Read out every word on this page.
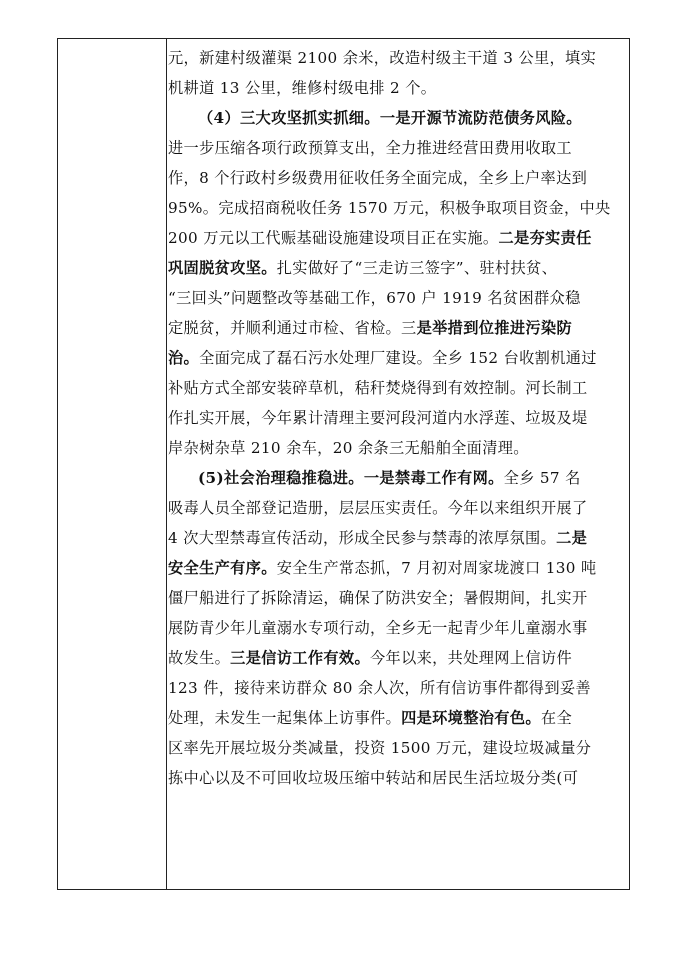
元，新建村级灌渠 2100 余米，改造村级主干道 3 公里，填实
机耕道 13 公里，维修村级电排 2 个。
（4）三大攻坚抓实抓细。一是开源节流防范债务风险。
进一步压缩各项行政预算支出，全力推进经营田费用收取工
作，8 个行政村乡级费用征收任务全面完成，全乡上户率达到
95%。完成招商税收任务 1570 万元，积极争取项目资金，中央
200 万元以工代赈基础设施建设项目正在实施。二是夯实责任
巩固脱贫攻坚。扎实做好了“三走访三签字”、驻村扶贫、
“三回头”问题整改等基础工作，670 户 1919 名贫困群众稳
定脱贫，并顺利通过市检、省检。三是举措到位推进污染防
治。全面完成了磊石污水处理厂建设。全乡 152 台收割机通过
补贴方式全部安装碎草机，秸秆焚烧得到有效控制。河长制工
作扎实开展，今年累计清理主要河段河道内水浮莲、垃圾及堤
岸杂树杂草 210 余车，20 余条三无船舶全面清理。
(5)社会治理稳推稳进。一是禁毒工作有网。全乡 57 名
吸毒人员全部登记造册，层层压实责任。今年以来组织开展了
4 次大型禁毒宣传活动，形成全民参与禁毒的浓厚氛围。二是
安全生产有序。安全生产常态抓，7 月初对周家垅渡口 130 吨
僵尸船进行了拆除清运，确保了防洪安全；暑假期间，扎实开
展防青少年儿童溺水专项行动，全乡无一起青少年儿童溺水事
故发生。三是信访工作有效。今年以来，共处理网上信访件
123 件，接待来访群众 80 余人次，所有信访事件都得到妥善
处理，未发生一起集体上访事件。四是环境整治有色。在全
区率先开展垃圾分类减量，投资 1500 万元，建设垃圾减量分
拣中心以及不可回收垃圾压缩中转站和居民生活垃圾分类(可
